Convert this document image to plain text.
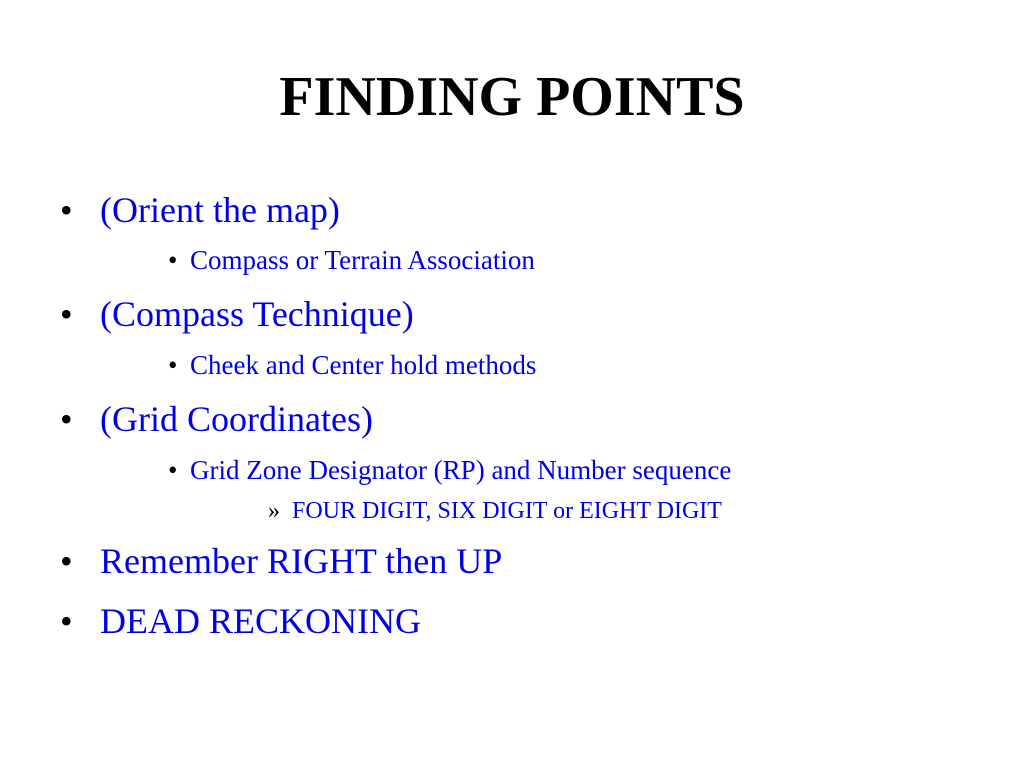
FINDING POINTS
• (Orient the map)
• Compass or Terrain Association
• (Compass Technique)
• Cheek and Center hold methods
• (Grid Coordinates)
• Grid Zone Designator (RP) and Number sequence
» FOUR DIGIT, SIX DIGIT or EIGHT DIGIT
• Remember RIGHT then UP
• DEAD RECKONING
